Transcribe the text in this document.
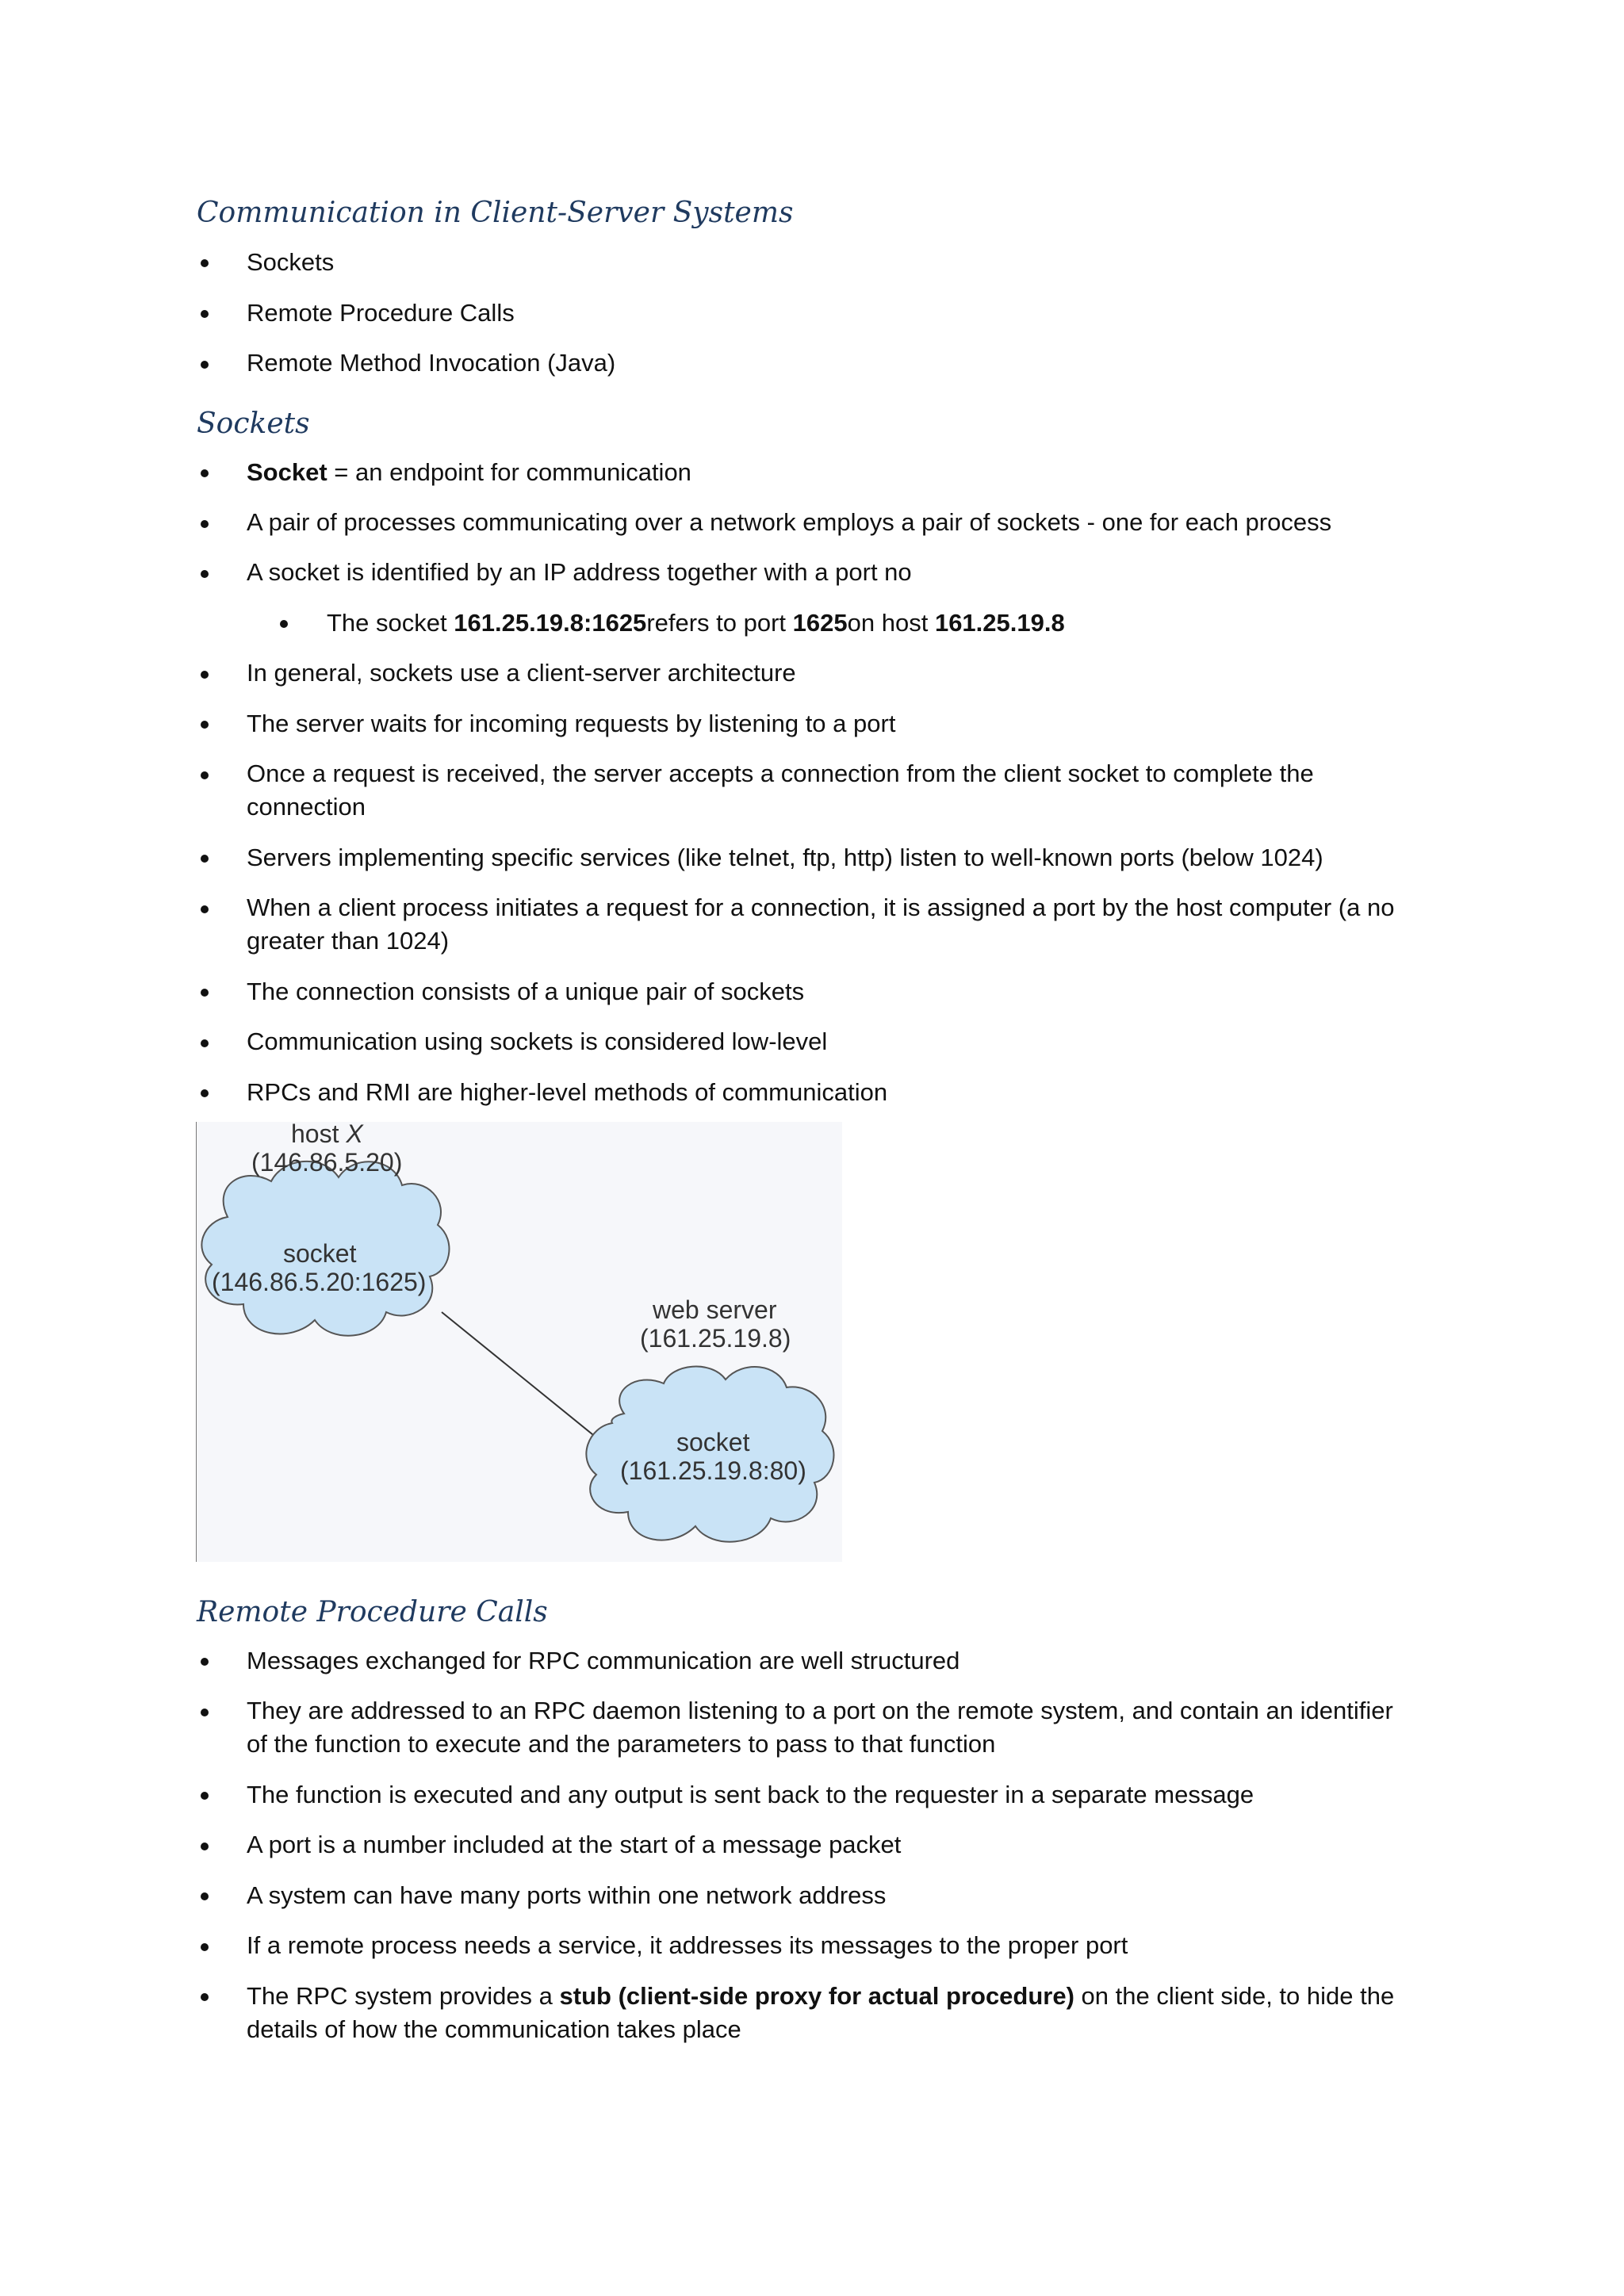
Communication in Client-Server Systems

Sockets

Remote Procedure Calls

Remote Method Invocation (Java)

Sockets

Socket = an endpoint for communication

A pair of processes communicating over a network employs a pair of sockets - one for each process

A socket is identified by an IP address together with a port no

The socket 161.25.19.8:1625refers to port 1625on host 161.25.19.8

In general, sockets use a client-server architecture

The server waits for incoming requests by listening to a port

Once a request is received, the server accepts a connection from the client socket to complete the
connection

Servers implementing specific services (like telnet, ftp, http) listen to well-known ports (below 1024)

When a client process initiates a request for a connection, it is assigned a port by the host computer (a no
greater than 1024)

The connection consists of a unique pair of sockets

Communication using sockets is considered low-level

RPCs and RMI are higher-level methods of communication

host X
(146.86.5.20)
socket
(146.86.5.20:1625)
web server
(161.25.19.8)
socket
(161.25.19.8:80)
Remote Procedure Calls

Messages exchanged for RPC communication are well structured

They are addressed to an RPC daemon listening to a port on the remote system, and contain an identifier
of the function to execute and the parameters to pass to that function

The function is executed and any output is sent back to the requester in a separate message

A port is a number included at the start of a message packet

A system can have many ports within one network address

If a remote process needs a service, it addresses its messages to the proper port

The RPC system provides a stub (client-side proxy for actual procedure) on the client side, to hide the
details of how the communication takes place
